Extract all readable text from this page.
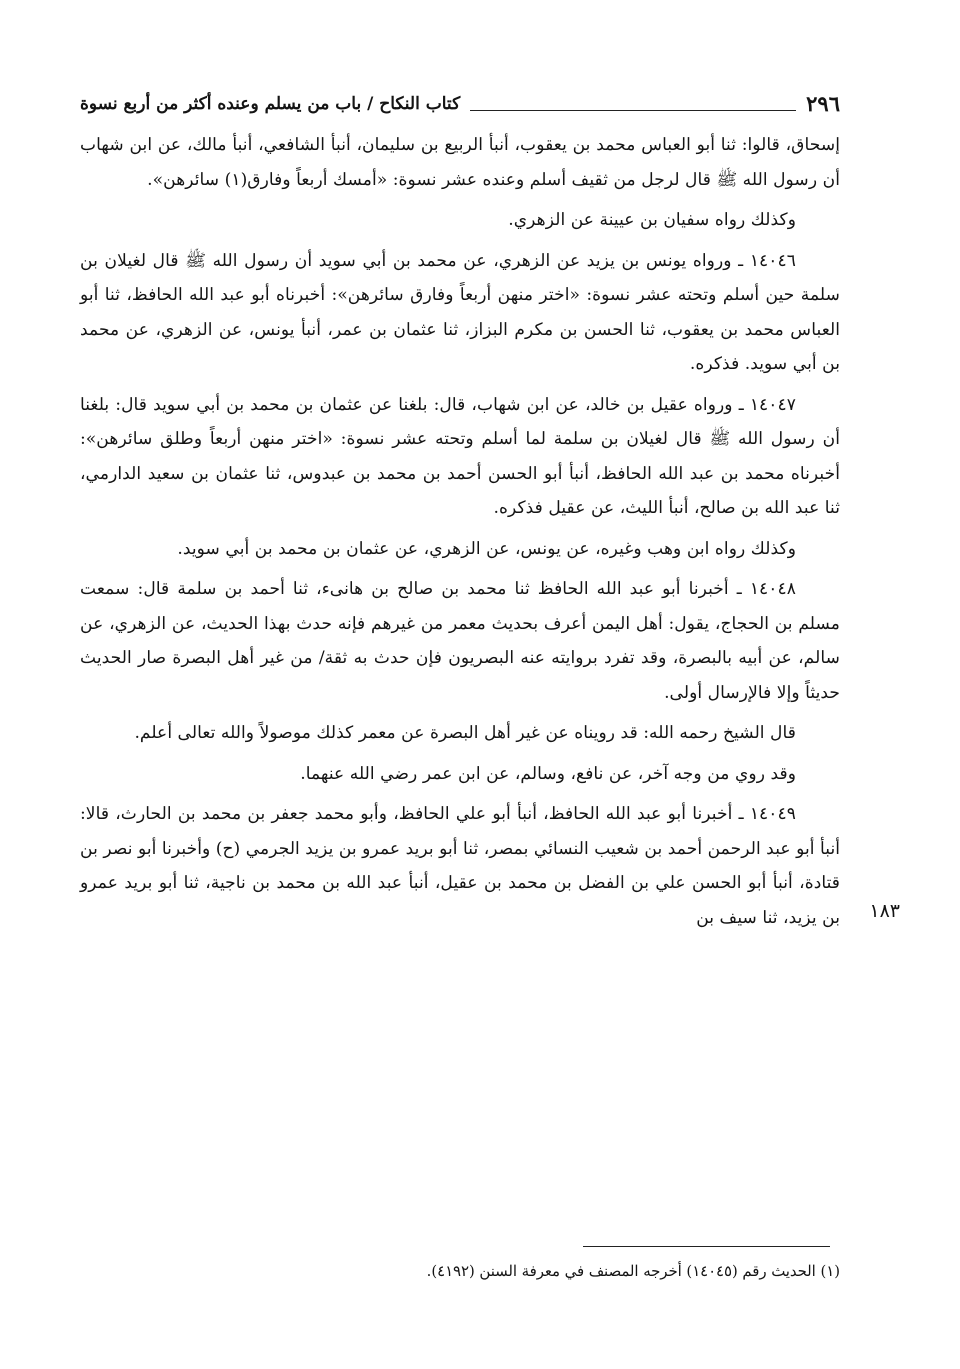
٢٩٦
كتاب النكاح / باب من يسلم وعنده أكثر من أربع نسوة

إسحاق، قالوا: ثنا أبو العباس محمد بن يعقوب، أنبأ الربيع بن سليمان، أنبأ الشافعي، أنبأ مالك، عن ابن شهاب أن رسول الله ﷺ قال لرجل من ثقيف أسلم وعنده عشر نسوة: «أمسك أربعاً وفارق(١) سائرهن».

وكذلك رواه سفيان بن عيينة عن الزهري.

١٤٠٤٦ ـ ورواه يونس بن يزيد عن الزهري، عن محمد بن أبي سويد أن رسول الله ﷺ قال لغيلان بن سلمة حين أسلم وتحته عشر نسوة: «اختر منهن أربعاً وفارق سائرهن»: أخبرناه أبو عبد الله الحافظ، ثنا أبو العباس محمد بن يعقوب، ثنا الحسن بن مكرم البزاز، ثنا عثمان بن عمر، أنبأ يونس، عن الزهري، عن محمد بن أبي سويد. فذكره.

١٤٠٤٧ ـ ورواه عقيل بن خالد، عن ابن شهاب، قال: بلغنا عن عثمان بن محمد بن أبي سويد قال: بلغنا أن رسول الله ﷺ قال لغيلان بن سلمة لما أسلم وتحته عشر نسوة: «اختر منهن أربعاً وطلق سائرهن»: أخبرناه محمد بن عبد الله الحافظ، أنبأ أبو الحسن أحمد بن محمد بن عبدوس، ثنا عثمان بن سعيد الدارمي، ثنا عبد الله بن صالح، أنبأ الليث، عن عقيل فذكره.

وكذلك رواه ابن وهب وغيره، عن يونس، عن الزهري، عن عثمان بن محمد بن أبي سويد.

١٤٠٤٨ ـ أخبرنا أبو عبد الله الحافظ ثنا محمد بن صالح بن هانىء، ثنا أحمد بن سلمة قال: سمعت مسلم بن الحجاج، يقول: أهل اليمن أعرف بحديث معمر من غيرهم فإنه حدث بهذا الحديث، عن الزهري، عن سالم، عن أبيه بالبصرة، وقد تفرد بروايته عنه البصريون فإن حدث به ثقة/ من غير أهل البصرة صار الحديث حديثاً وإلا فالإرسال أولى.

قال الشيخ رحمه الله: قد رويناه عن غير أهل البصرة عن معمر كذلك موصولاً والله تعالى أعلم.

وقد روي من وجه آخر، عن نافع، وسالم، عن ابن عمر رضي الله عنهما.

١٤٠٤٩ ـ أخبرنا أبو عبد الله الحافظ، أنبأ أبو علي الحافظ، وأبو محمد جعفر بن محمد بن الحارث، قالا: أنبأ أبو عبد الرحمن أحمد بن شعيب النسائي بمصر، ثنا أبو بريد عمرو بن يزيد الجرمي (ح) وأخبرنا أبو نصر بن قتادة، أنبأ أبو الحسن علي بن الفضل بن محمد بن عقيل، أنبأ عبد الله بن محمد بن ناجية، ثنا أبو بريد عمرو بن يزيد، ثنا سيف بن	١٨٣
(١) الحديث رقم (١٤٠٤٥) أخرجه المصنف في معرفة السنن (٤١٩٢).
